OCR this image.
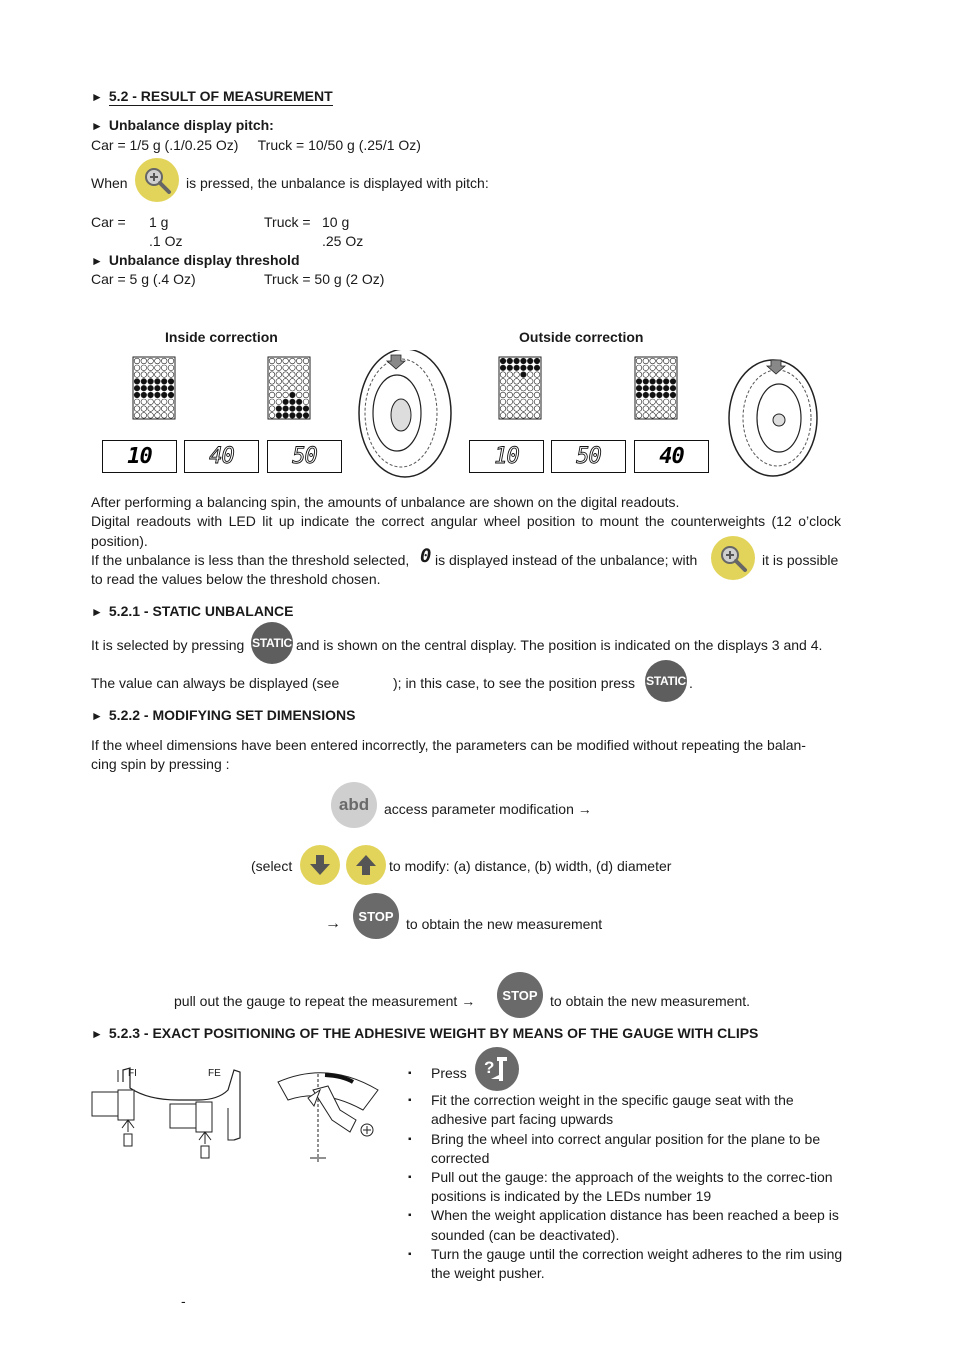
► 5.2 - RESULT OF MEASUREMENT
► Unbalance display pitch:
Car = 1/5 g (.1/0.25 Oz)     Truck = 10/50 g (.25/1 Oz)
When	is pressed, the unbalance is displayed with pitch:
Car = 1 g
.1 Oz
Truck = 10 g
.25 Oz
► Unbalance display threshold
Car = 5 g (.4 Oz)	Truck = 50 g (2 Oz)
Inside correction	Outside correction
10	40	50	10	50	40
After performing a balancing spin, the amounts of unbalance are shown on the digital readouts.
Digital readouts with LED lit up indicate the correct angular wheel position to mount the counterweights (12 o’clock position).
If the unbalance is less than the threshold selected, 0 is displayed instead of the unbalance; with	it is possible
to read the values below the threshold chosen.
► 5.2.1 - STATIC UNBALANCE
It is selected by pressing STATIC and is shown on the central display. The position is indicated on the displays 3 and 4.
The value can always be displayed (see	); in this case, to see the position press STATIC .
► 5.2.2 - MODIFYING SET DIMENSIONS
If the wheel dimensions have been entered incorrectly, the parameters can be modified without repeating the balan-
cing spin by pressing :
abd	access parameter modification →
(select	to modify: (a) distance, (b) width, (d) diameter
→	STOP to obtain the new measurement
pull out the gauge to repeat the measurement →	STOP to obtain the new measurement.
► 5.2.3 - EXACT POSITIONING OF THE ADHESIVE WEIGHT BY MEANS OF THE GAUGE WITH CLIPS
FI	FE	▪ Press
▪ Fit the correction weight in the specific gauge seat with the adhesive part facing upwards
▪ Bring the wheel into correct angular position for the plane to be corrected
▪ Pull out the gauge: the approach of the weights to the correc-tion positions is indicated by the LEDs number 19
▪ When the weight application distance has been reached a beep is sounded (can be deactivated).
▪ Turn the gauge until the correction weight adheres to the rim using the weight pusher.
?
-
